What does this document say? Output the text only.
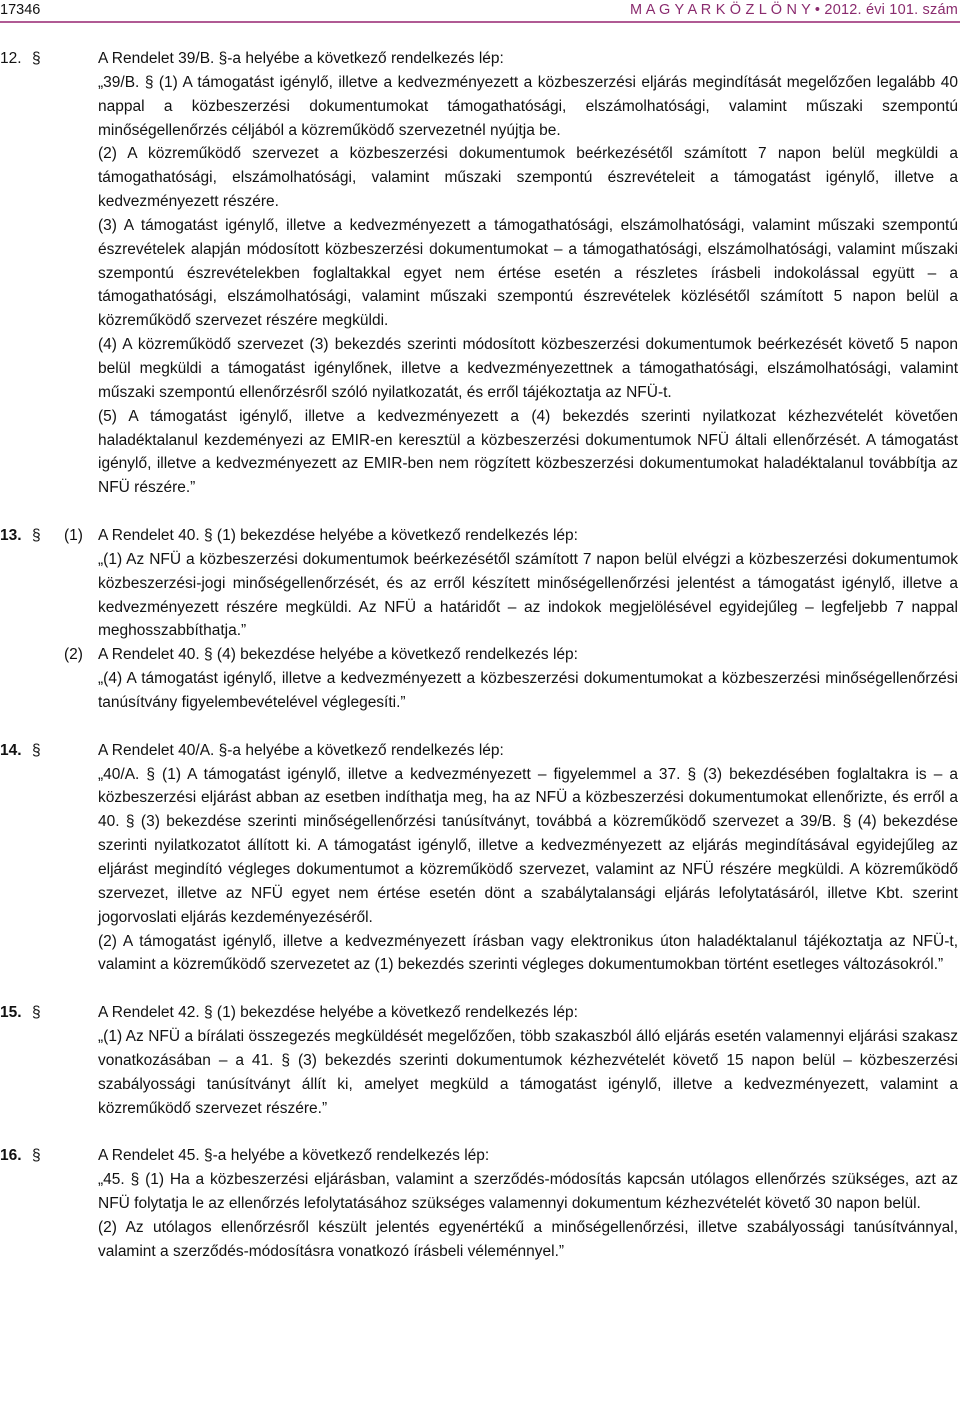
17346	M A G Y A R K Ö Z L Ö N Y • 2012. évi 101. szám
12. §	A Rendelet 39/B. §-a helyébe a következő rendelkezés lép:
„39/B. § (1) A támogatást igénylő, illetve a kedvezményezett a közbeszerzési eljárás megindítását megelőzően legalább 40 nappal a közbeszerzési dokumentumokat támogathatósági, elszámolhatósági, valamint műszaki szempontú minőségellenőrzés céljából a közreműködő szervezetnél nyújtja be.
(2) A közreműködő szervezet a közbeszerzési dokumentumok beérkezésétől számított 7 napon belül megküldi a támogathatósági, elszámolhatósági, valamint műszaki szempontú észrevételeit a támogatást igénylő, illetve a kedvezményezett részére.
(3) A támogatást igénylő, illetve a kedvezményezett a támogathatósági, elszámolhatósági, valamint műszaki szempontú észrevételek alapján módosított közbeszerzési dokumentumokat – a támogathatósági, elszámolhatósági, valamint műszaki szempontú észrevételekben foglaltakkal egyet nem értése esetén a részletes írásbeli indokolással együtt – a támogathatósági, elszámolhatósági, valamint műszaki szempontú észrevételek közlésétől számított 5 napon belül a közreműködő szervezet részére megküldi.
(4) A közreműködő szervezet (3) bekezdés szerinti módosított közbeszerzési dokumentumok beérkezését követő 5 napon belül megküldi a támogatást igénylőnek, illetve a kedvezményezettnek a támogathatósági, elszámolhatósági, valamint műszaki szempontú ellenőrzésről szóló nyilatkozatát, és erről tájékoztatja az NFÜ-t.
(5) A támogatást igénylő, illetve a kedvezményezett a (4) bekezdés szerinti nyilatkozat kézhezvételét követően haladéktalanul kezdeményezi az EMIR-en keresztül a közbeszerzési dokumentumok NFÜ általi ellenőrzését. A támogatást igénylő, illetve a kedvezményezett az EMIR-ben nem rögzített közbeszerzési dokumentumokat haladéktalanul továbbítja az NFÜ részére.”
13. § (1) A Rendelet 40. § (1) bekezdése helyébe a következő rendelkezés lép:
„(1) Az NFÜ a közbeszerzési dokumentumok beérkezésétől számított 7 napon belül elvégzi a közbeszerzési dokumentumok közbeszerzési-jogi minőségellenőrzését, és az erről készített minőségellenőrzési jelentést a támogatást igénylő, illetve a kedvezményezett részére megküldi. Az NFÜ a határidőt – az indokok megjelölésével egyidejűleg – legfeljebb 7 nappal meghosszabbíthatja.”
(2) A Rendelet 40. § (4) bekezdése helyébe a következő rendelkezés lép:
„(4) A támogatást igénylő, illetve a kedvezményezett a közbeszerzési dokumentumokat a közbeszerzési minőségellenőrzési tanúsítvány figyelembevételével véglegesíti.”
14. §	A Rendelet 40/A. §-a helyébe a következő rendelkezés lép:
„40/A. § (1) A támogatást igénylő, illetve a kedvezményezett – figyelemmel a 37. § (3) bekezdésében foglaltakra is – a közbeszerzési eljárást abban az esetben indíthatja meg, ha az NFÜ a közbeszerzési dokumentumokat ellenőrizte, és erről a 40. § (3) bekezdése szerinti minőségellenőrzési tanúsítványt, továbbá a közreműködő szervezet a 39/B. § (4) bekezdése szerinti nyilatkozatot állított ki. A támogatást igénylő, illetve a kedvezményezett az eljárás megindításával egyidejűleg az eljárást megindító végleges dokumentumot a közreműködő szervezet, valamint az NFÜ részére megküldi. A közreműködő szervezet, illetve az NFÜ egyet nem értése esetén dönt a szabálytalansági eljárás lefolytatásáról, illetve Kbt. szerint jogorvoslati eljárás kezdeményezéséről.
(2) A támogatást igénylő, illetve a kedvezményezett írásban vagy elektronikus úton haladéktalanul tájékoztatja az NFÜ-t, valamint a közreműködő szervezetet az (1) bekezdés szerinti végleges dokumentumokban történt esetleges változásokról.”
15. §	A Rendelet 42. § (1) bekezdése helyébe a következő rendelkezés lép:
„(1) Az NFÜ a bírálati összegezés megküldését megelőzően, több szakaszból álló eljárás esetén valamennyi eljárási szakasz vonatkozásában – a 41. § (3) bekezdés szerinti dokumentumok kézhezvételét követő 15 napon belül – közbeszerzési szabályossági tanúsítványt állít ki, amelyet megküld a támogatást igénylő, illetve a kedvezményezett, valamint a közreműködő szervezet részére.”
16. §	A Rendelet 45. §-a helyébe a következő rendelkezés lép:
„45. § (1) Ha a közbeszerzési eljárásban, valamint a szerződés-módosítás kapcsán utólagos ellenőrzés szükséges, azt az NFÜ folytatja le az ellenőrzés lefolytatásához szükséges valamennyi dokumentum kézhezvételét követő 30 napon belül.
(2) Az utólagos ellenőrzésről készült jelentés egyenértékű a minőségellenőrzési, illetve szabályossági tanúsítvánnyal, valamint a szerződés-módosításra vonatkozó írásbeli véleménnyel.”
